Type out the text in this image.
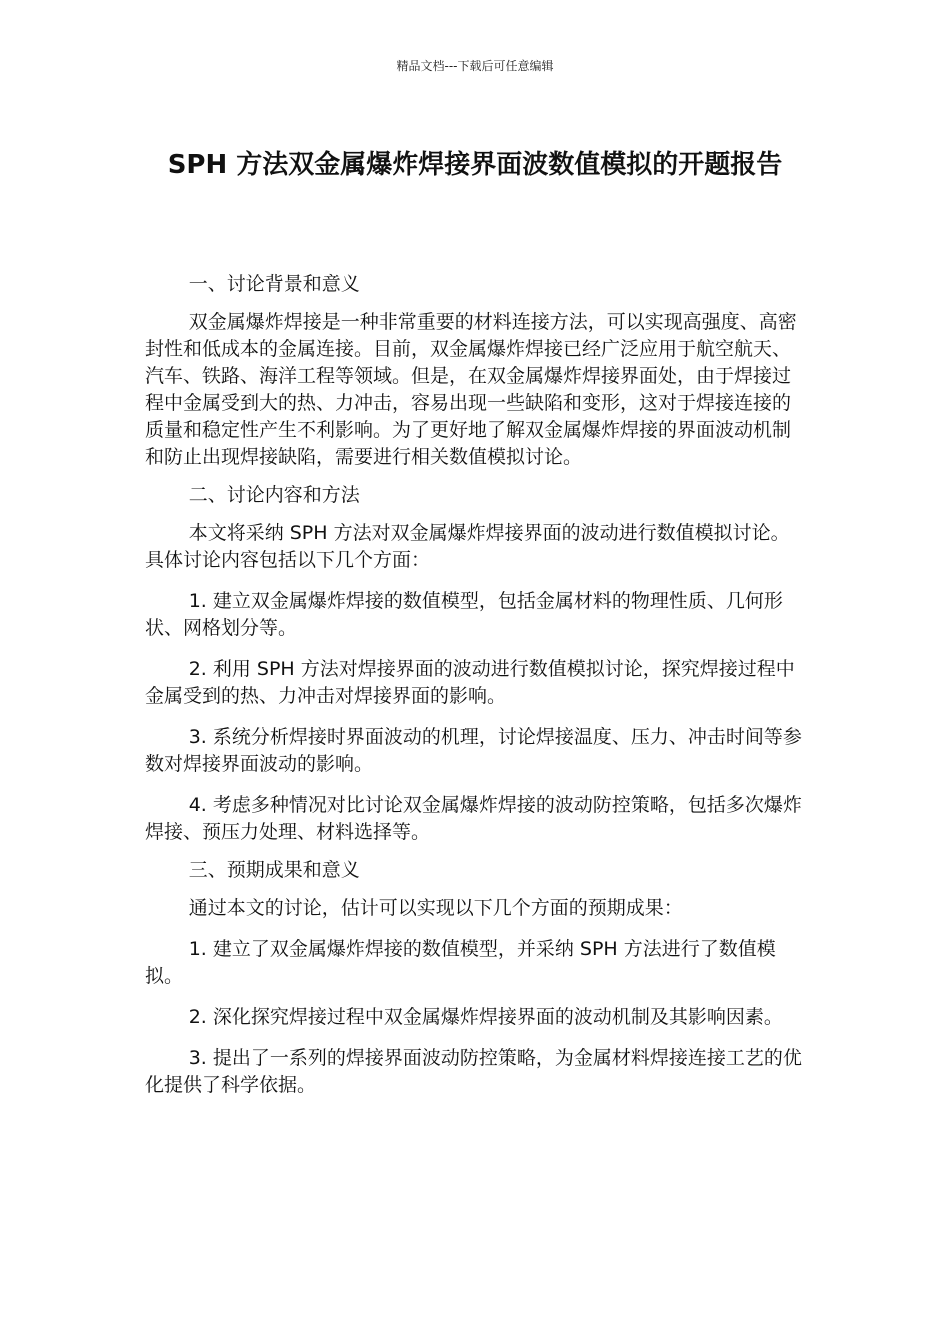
精品文档---下载后可任意编辑
SPH 方法双金属爆炸焊接界面波数值模拟的开题报告

一、讨论背景和意义

双金属爆炸焊接是一种非常重要的材料连接方法，可以实现高强度、高密封性和低成本的金属连接。目前，双金属爆炸焊接已经广泛应用于航空航天、汽车、铁路、海洋工程等领域。但是，在双金属爆炸焊接界面处，由于焊接过程中金属受到大的热、力冲击，容易出现一些缺陷和变形，这对于焊接连接的质量和稳定性产生不利影响。为了更好地了解双金属爆炸焊接的界面波动机制和防止出现焊接缺陷，需要进行相关数值模拟讨论。

二、讨论内容和方法

本文将采纳 SPH 方法对双金属爆炸焊接界面的波动进行数值模拟讨论。具体讨论内容包括以下几个方面：

1. 建立双金属爆炸焊接的数值模型，包括金属材料的物理性质、几何形状、网格划分等。

2. 利用 SPH 方法对焊接界面的波动进行数值模拟讨论，探究焊接过程中金属受到的热、力冲击对焊接界面的影响。

3. 系统分析焊接时界面波动的机理，讨论焊接温度、压力、冲击时间等参数对焊接界面波动的影响。

4. 考虑多种情况对比讨论双金属爆炸焊接的波动防控策略，包括多次爆炸焊接、预压力处理、材料选择等。

三、预期成果和意义

通过本文的讨论，估计可以实现以下几个方面的预期成果：

1. 建立了双金属爆炸焊接的数值模型，并采纳 SPH 方法进行了数值模拟。

2. 深化探究焊接过程中双金属爆炸焊接界面的波动机制及其影响因素。

3. 提出了一系列的焊接界面波动防控策略，为金属材料焊接连接工艺的优化提供了科学依据。
